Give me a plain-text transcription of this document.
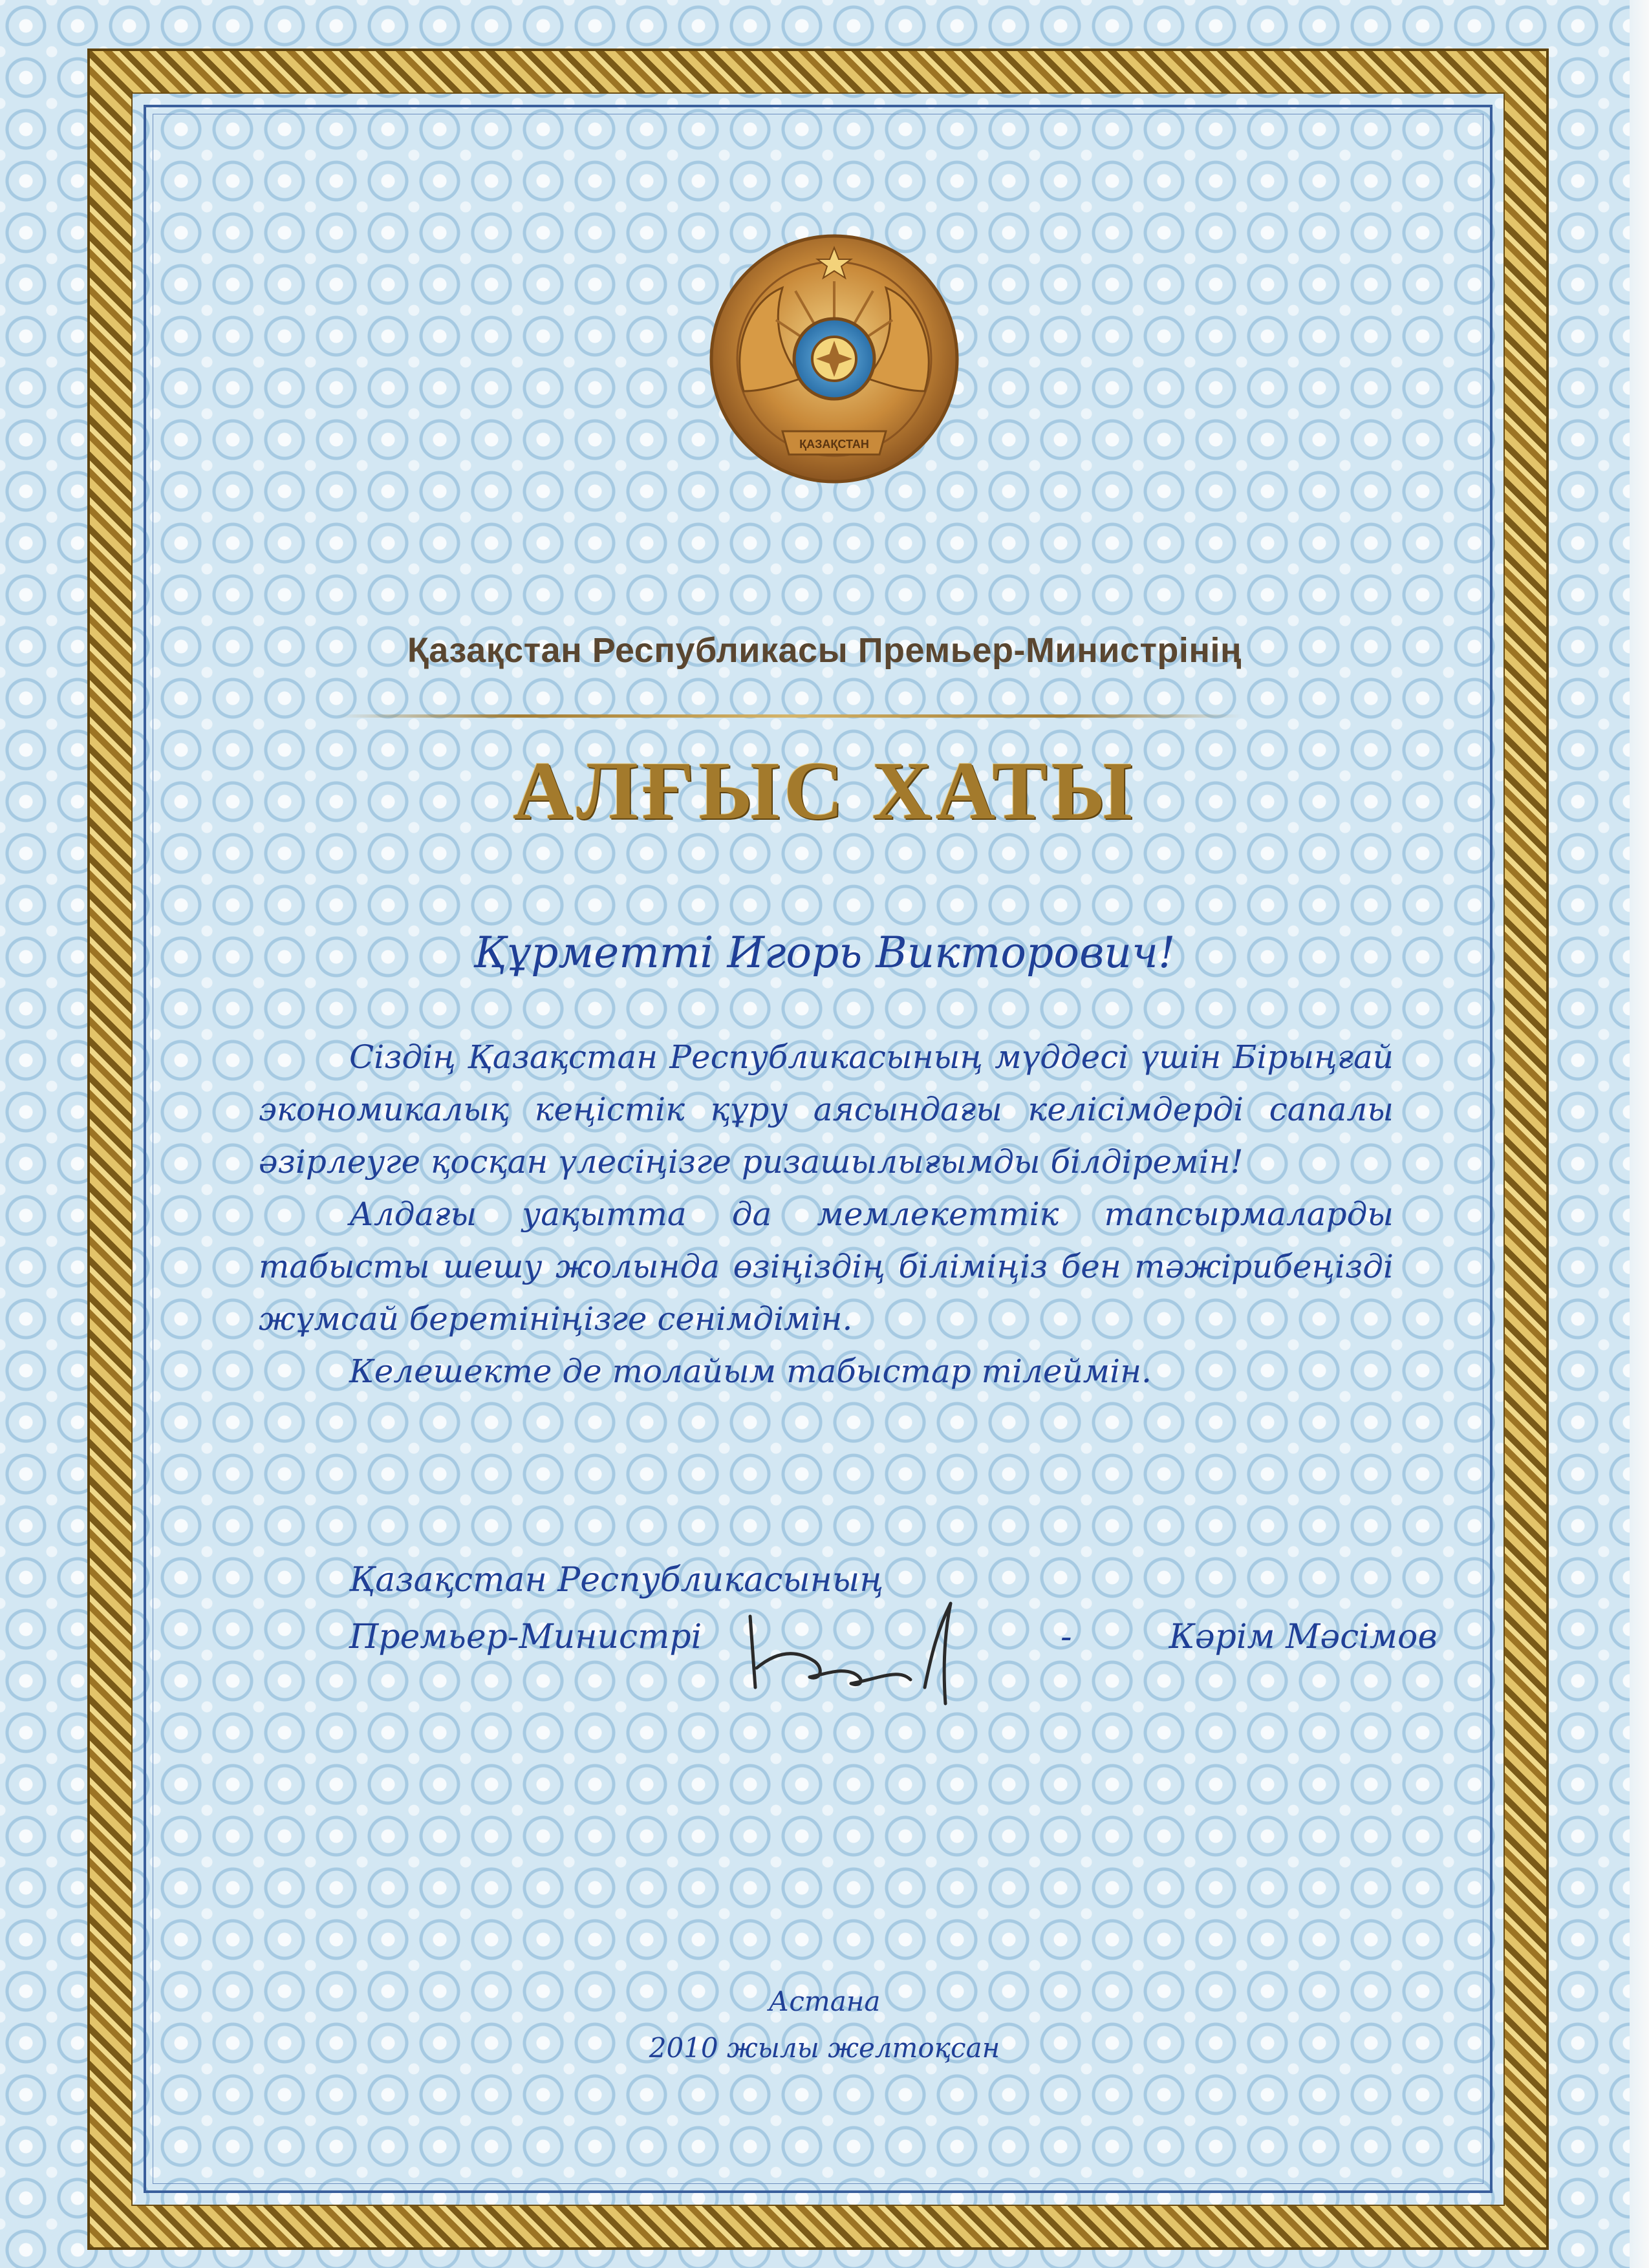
ҚАЗАҚСТАН
Қазақстан Республикасы Премьер-Министрінің
АЛҒЫС ХАТЫ
Құрметті Игорь Викторович!

Сіздің Қазақстан Республикасының мүддесі үшін Бірыңғай экономикалық кеңістік құру аясындағы келісімдерді сапалы әзірлеуге қосқан үлесіңізге ризашылығымды білдіремін!

Алдағы уақытта да мемлекеттік тапсырмаларды табысты шешу жолында өзіңіздің біліміңіз бен тәжірибеңізді жұмсай беретініңізге сенімдімін.

Келешекте де толайым табыстар тілеймін.

Қазақстан Республикасының
Премьер-Министрі	-	Кәрім Мәсімов
Астана
2010 жылы желтоқсан
